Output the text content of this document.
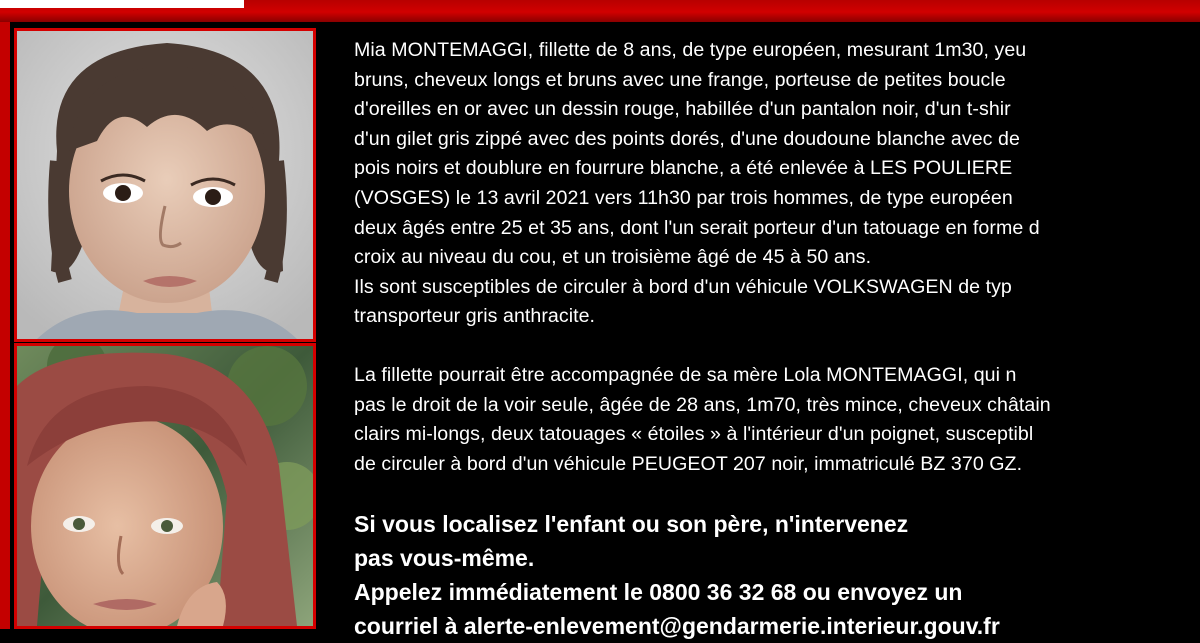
Mia MONTEMAGGI, fillette de 8 ans, de type européen, mesurant 1m30, yeu
bruns, cheveux longs et bruns avec une frange, porteuse de petites boucle
d'oreilles en or avec un dessin rouge, habillée d'un pantalon noir, d'un t-shir
d'un gilet gris zippé avec des points dorés, d'une doudoune blanche avec de
pois noirs et doublure en fourrure blanche, a été enlevée à LES POULIERE
(VOSGES) le 13 avril 2021 vers 11h30 par trois hommes, de type européen
deux âgés entre 25 et 35 ans, dont l'un serait porteur d'un tatouage en forme d
croix au niveau du cou, et un troisième âgé de 45 à 50 ans.
Ils sont susceptibles de circuler à bord d'un véhicule VOLKSWAGEN de typ
transporteur gris anthracite.
La fillette pourrait être accompagnée de sa mère Lola MONTEMAGGI, qui n
pas le droit de la voir seule, âgée de 28 ans, 1m70, très mince, cheveux châtain
clairs mi-longs, deux tatouages « étoiles » à l'intérieur d'un poignet, susceptibl
de circuler à bord d'un véhicule PEUGEOT 207 noir, immatriculé BZ 370 GZ.
Si vous localisez l'enfant ou son père, n'intervenez
pas vous-même.
Appelez immédiatement le 0800 36 32 68 ou envoyez un
courriel à alerte-enlevement@gendarmerie.interieur.gouv.fr
